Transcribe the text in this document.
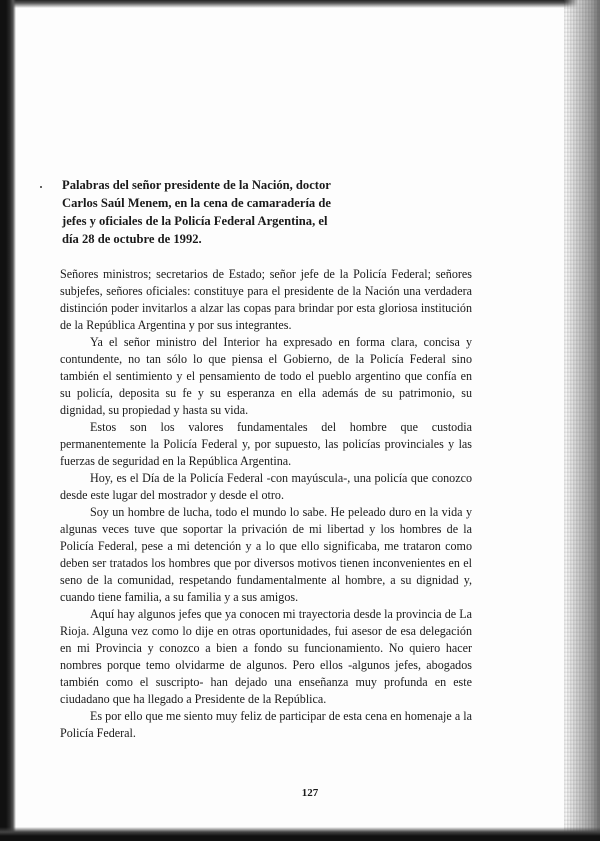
Palabras del señor presidente de la Nación, doctor Carlos Saúl Menem, en la cena de camaradería de jefes y oficiales de la Policía Federal Argentina, el día 28 de octubre de 1992.

Señores ministros; secretarios de Estado; señor jefe de la Policía Federal; señores subjefes, señores oficiales: constituye para el presidente de la Nación una verdadera distinción poder invitarlos a alzar las copas para brindar por esta gloriosa institución de la República Argentina y por sus integrantes.

Ya el señor ministro del Interior ha expresado en forma clara, concisa y contundente, no tan sólo lo que piensa el Gobierno, de la Policía Federal sino también el sentimiento y el pensamiento de todo el pueblo argentino que confía en su policía, deposita su fe y su esperanza en ella además de su patrimonio, su dignidad, su propiedad y hasta su vida.

Estos son los valores fundamentales del hombre que custodia permanentemente la Policía Federal y, por supuesto, las policías provinciales y las fuerzas de seguridad en la República Argentina.

Hoy, es el Día de la Policía Federal -con mayúscula-, una policía que conozco desde este lugar del mostrador y desde el otro.

Soy un hombre de lucha, todo el mundo lo sabe. He peleado duro en la vida y algunas veces tuve que soportar la privación de mi libertad y los hombres de la Policía Federal, pese a mi detención y a lo que ello significaba, me trataron como deben ser tratados los hombres que por diversos motivos tienen inconvenientes en el seno de la comunidad, respetando fundamentalmente al hombre, a su dignidad y, cuando tiene familia, a su familia y a sus amigos.

Aquí hay algunos jefes que ya conocen mi trayectoria desde la provincia de La Rioja. Alguna vez como lo dije en otras oportunidades, fui asesor de esa delegación en mi Provincia y conozco a bien a fondo su funcionamiento. No quiero hacer nombres porque temo olvidarme de algunos. Pero ellos -algunos jefes, abogados también como el suscripto- han dejado una enseñanza muy profunda en este ciudadano que ha llegado a Presidente de la República.

Es por ello que me siento muy feliz de participar de esta cena en homenaje a la Policía Federal.

127
